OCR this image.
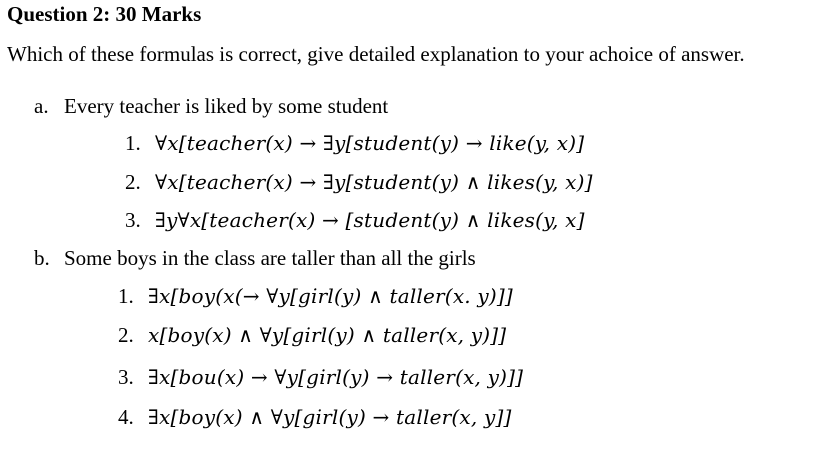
Question 2: 30 Marks
Which of these formulas is correct, give detailed explanation to your achoice of answer.
a. Every teacher is liked by some student
1. ∀x[teacher(x) → ∃y[student(y) → like(y, x)]
2. ∀x[teacher(x) → ∃y[student(y) ∧ likes(y, x)]
3. ∃y∀x[teacher(x) → [student(y) ∧ likes(y, x]
b. Some boys in the class are taller than all the girls
1. ∃x[boy(x(→ ∀y[girl(y) ∧ taller(x. y)]]
2. x[boy(x) ∧ ∀y[girl(y) ∧ taller(x, y)]]
3. ∃x[bou(x) → ∀y[girl(y) → taller(x, y)]]
4. ∃x[boy(x) ∧ ∀y[girl(y) → taller(x, y]]
